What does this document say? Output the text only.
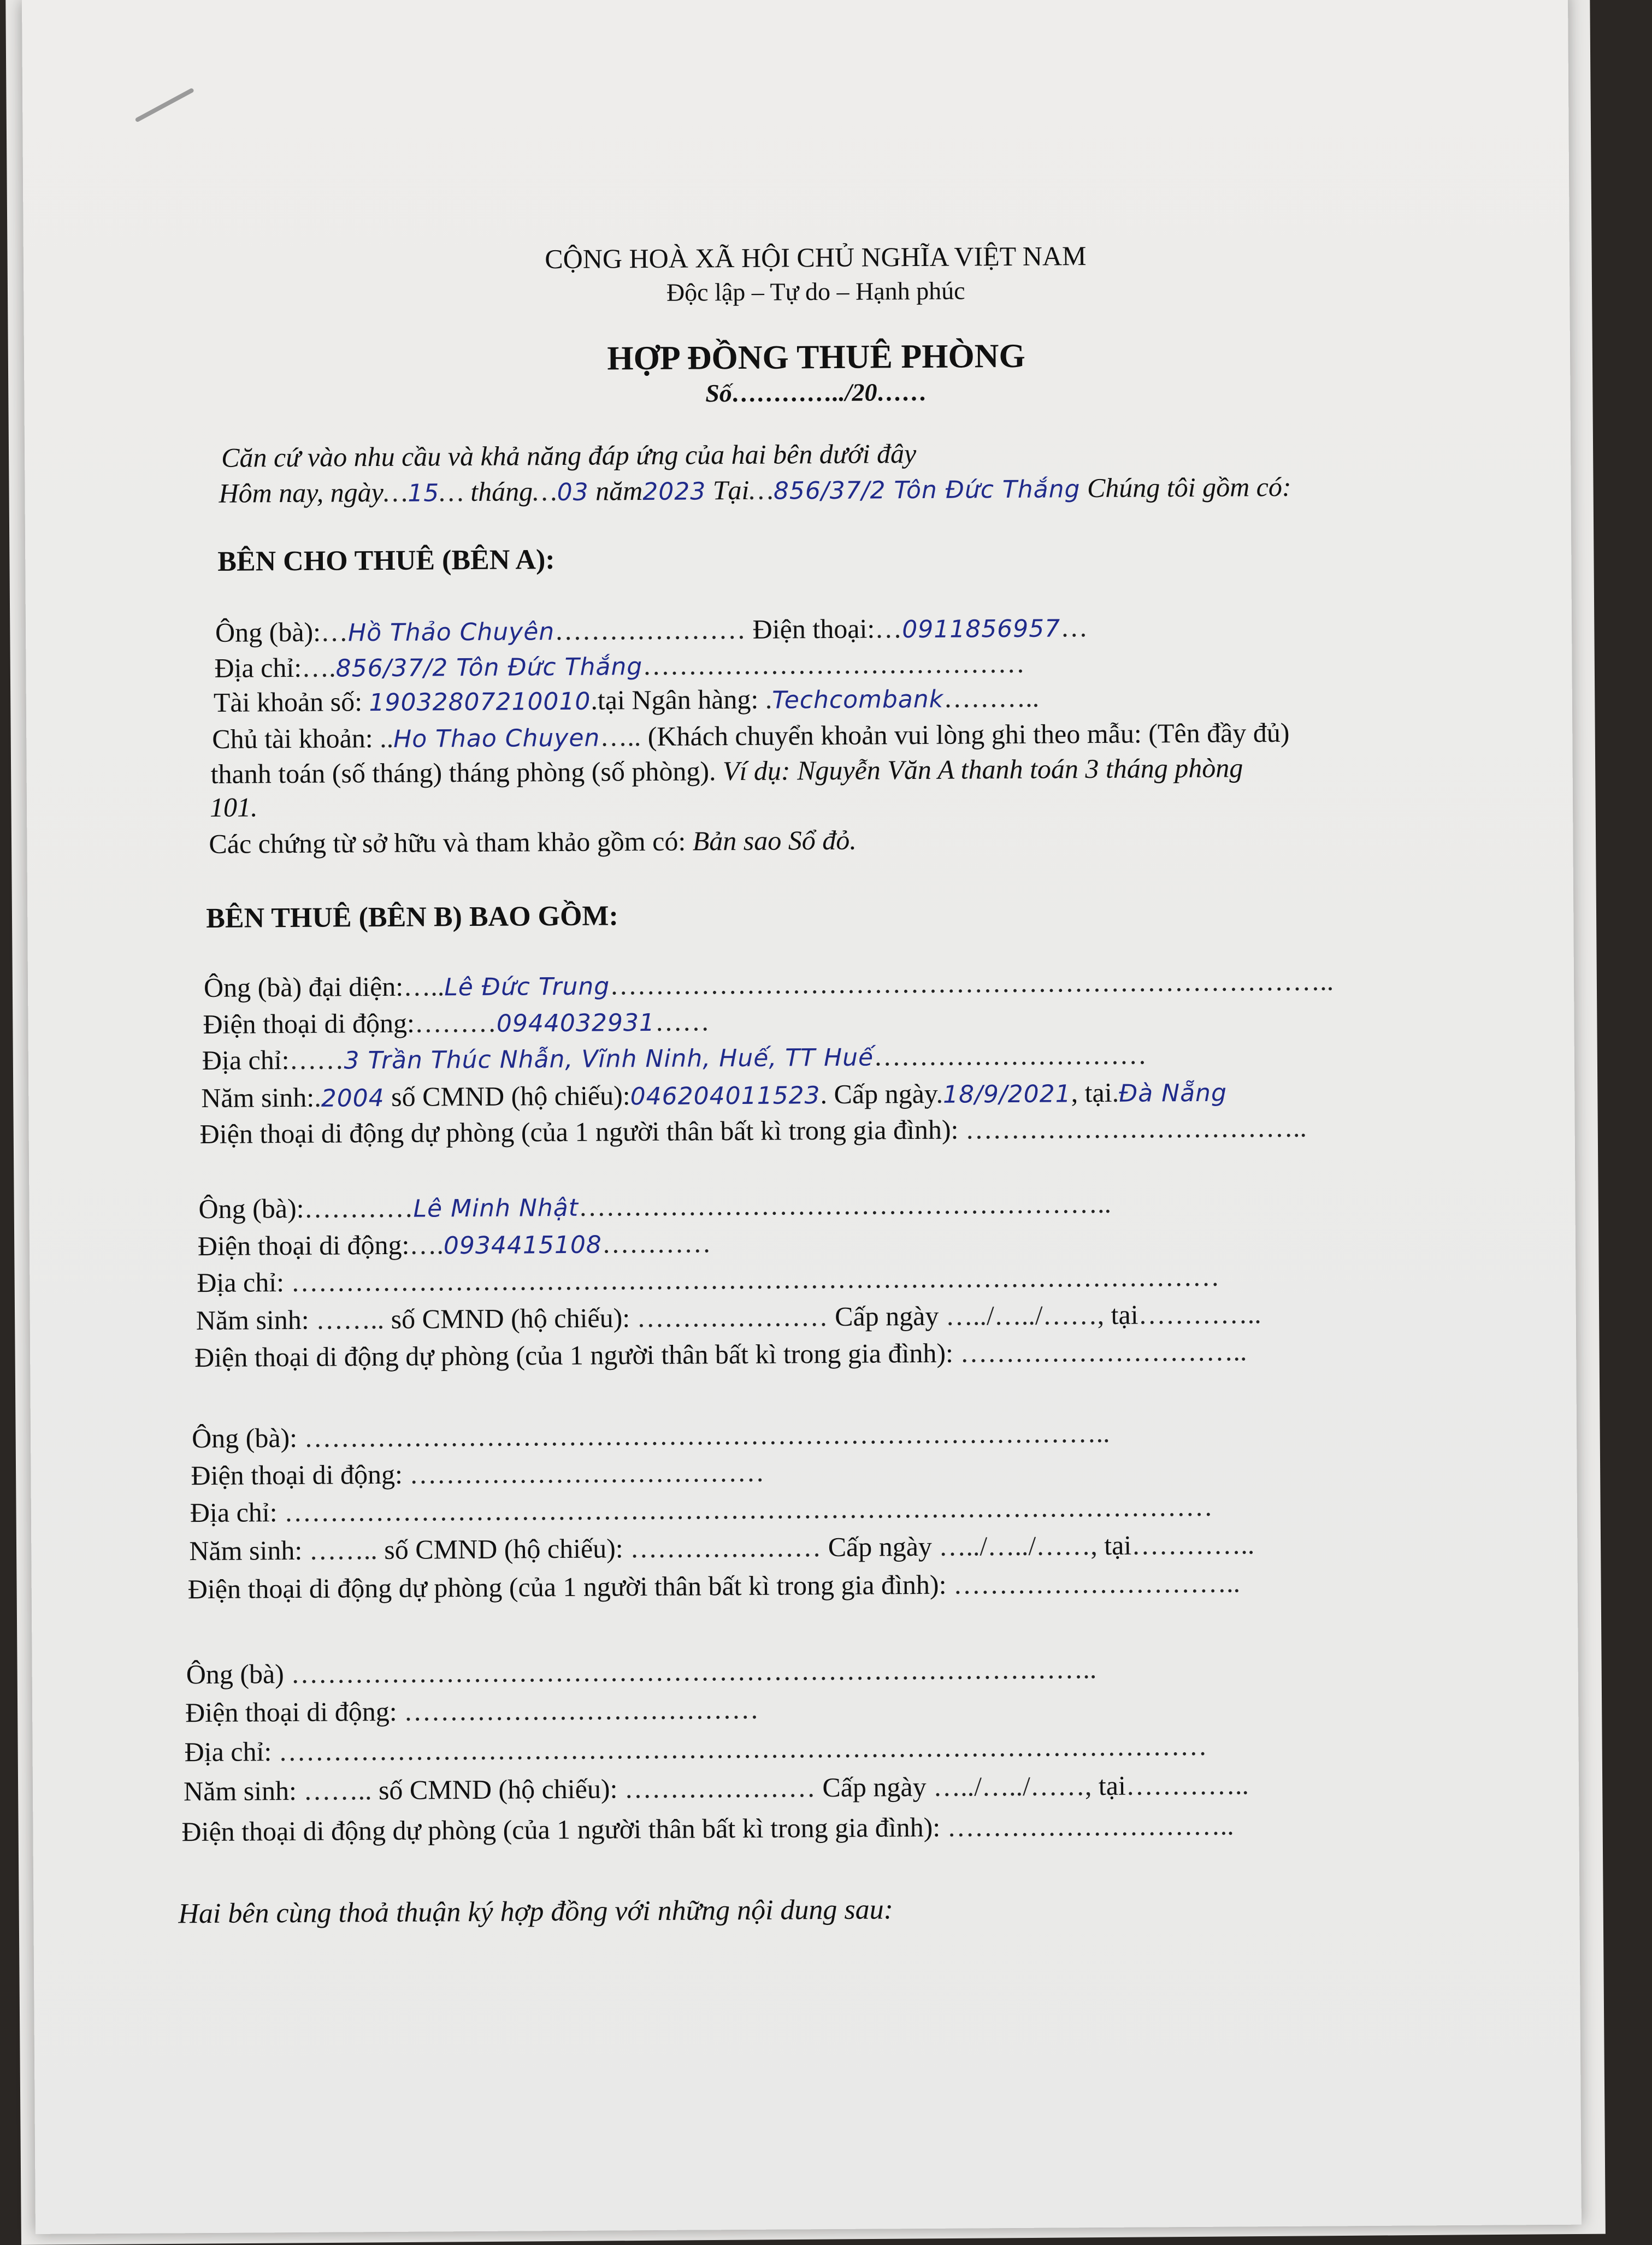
CỘNG HOÀ XÃ HỘI CHỦ NGHĨA VIỆT NAM
Độc lập – Tự do – Hạnh phúc
HỢP ĐỒNG THUÊ PHÒNG
Số…………../20……
Căn cứ vào nhu cầu và khả năng đáp ứng của hai bên dưới đây
Hôm nay, ngày…15… tháng…03 năm2023 Tại…856/37/2 Tôn Đức Thắng Chúng tôi gồm có:
BÊN CHO THUÊ (BÊN A):
Ông (bà):…Hồ Thảo Chuyên………………… Điện thoại:…0911856957…
Địa chỉ:….856/37/2 Tôn Đức Thắng……………………………………
Tài khoản số: 19032807210010.tại Ngân hàng: .Techcombank………..
Chủ tài khoản: ..Ho Thao Chuyen….. (Khách chuyển khoản vui lòng ghi theo mẫu: (Tên đầy đủ)
thanh toán (số tháng) tháng phòng (số phòng). Ví dụ: Nguyễn Văn A thanh toán 3 tháng phòng
101.
Các chứng từ sở hữu và tham khảo gồm có: Bản sao Sổ đỏ.
BÊN THUÊ (BÊN B) BAO GỒM:
Ông (bà) đại diện:…..Lê Đức Trung……………………………………………………………………..
Điện thoại di động:………0944032931……
Địa chỉ:……3 Trần Thúc Nhẫn, Vĩnh Ninh, Huế, TT Huế…………………………
Năm sinh:.2004 số CMND (hộ chiếu):046204011523. Cấp ngày.18/9/2021, tại.Đà Nẵng
Điện thoại di động dự phòng (của 1 người thân bất kì trong gia đình): ………………………………..
Ông (bà):…………Lê Minh Nhật…………………………………………………..
Điện thoại di động:….0934415108…………
Địa chỉ: …………………………………………………………………………………………
Năm sinh: …….. số CMND (hộ chiếu): ………………… Cấp ngày …../…../……, tại…………..
Điện thoại di động dự phòng (của 1 người thân bất kì trong gia đình): …………………………..
Ông (bà): ……………………………………………………………………………..
Điện thoại di động: …………………………………
Địa chỉ: …………………………………………………………………………………………
Năm sinh: …….. số CMND (hộ chiếu): ………………… Cấp ngày …../…../……, tại…………..
Điện thoại di động dự phòng (của 1 người thân bất kì trong gia đình): …………………………..
Ông (bà) ……………………………………………………………………………..
Điện thoại di động: …………………………………
Địa chỉ: …………………………………………………………………………………………
Năm sinh: …….. số CMND (hộ chiếu): ………………… Cấp ngày …../…../……, tại…………..
Điện thoại di động dự phòng (của 1 người thân bất kì trong gia đình): …………………………..
Hai bên cùng thoả thuận ký hợp đồng với những nội dung sau:
